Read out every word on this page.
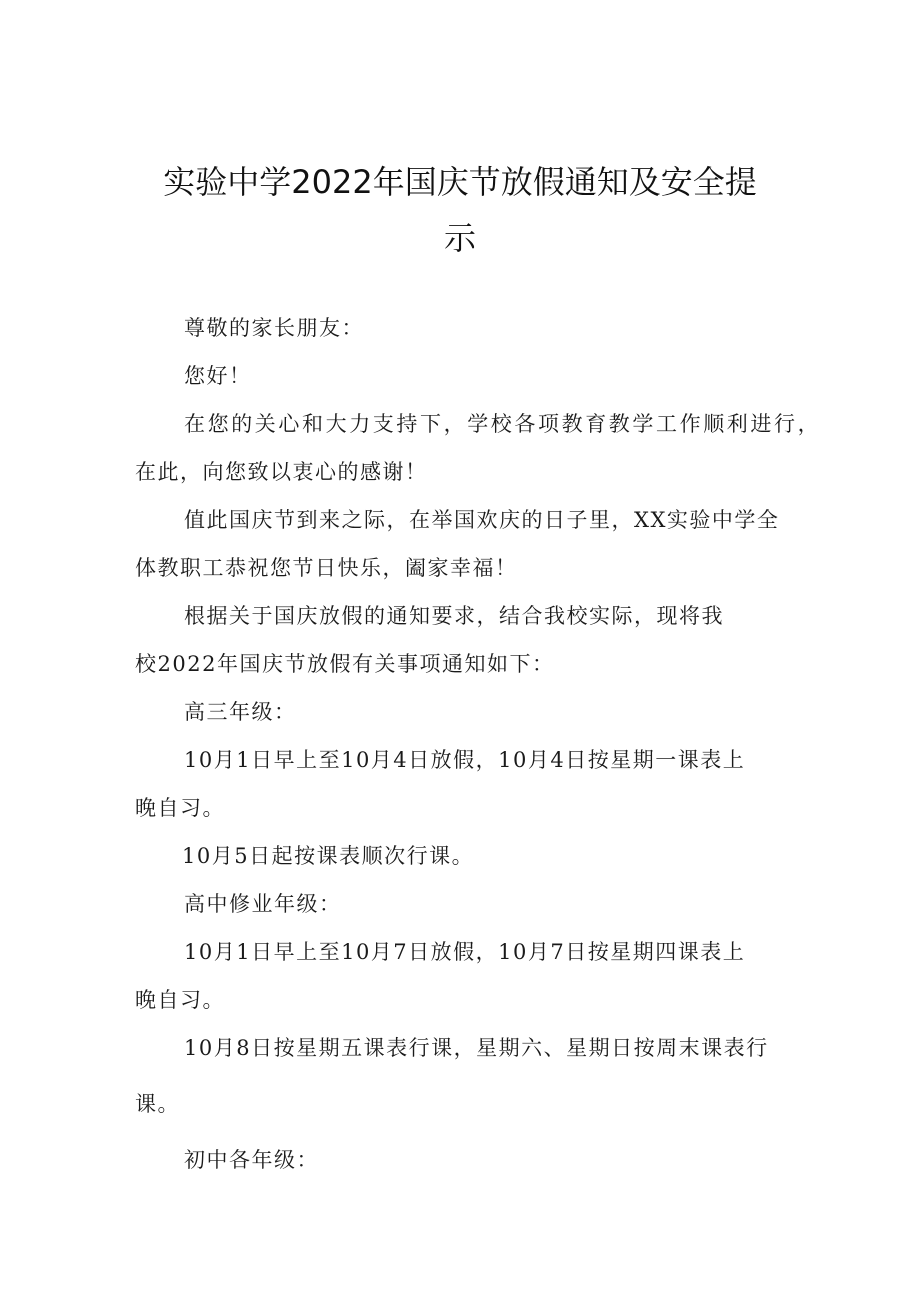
实验中学2022年国庆节放假通知及安全提
示
尊敬的家长朋友：
您好！
在您的关心和大力支持下，学校各项教育教学工作顺利进行，
在此，向您致以衷心的感谢！
值此国庆节到来之际，在举国欢庆的日子里，XX实验中学全
体教职工恭祝您节日快乐，阖家幸福！
根据关于国庆放假的通知要求，结合我校实际，现将我
校2022年国庆节放假有关事项通知如下：
高三年级：
10月1日早上至10月4日放假，10月4日按星期一课表上
晚自习。
10月5日起按课表顺次行课。
高中修业年级：
10月1日早上至10月7日放假，10月7日按星期四课表上
晚自习。
10月8日按星期五课表行课，星期六、星期日按周末课表行
课。
初中各年级：
